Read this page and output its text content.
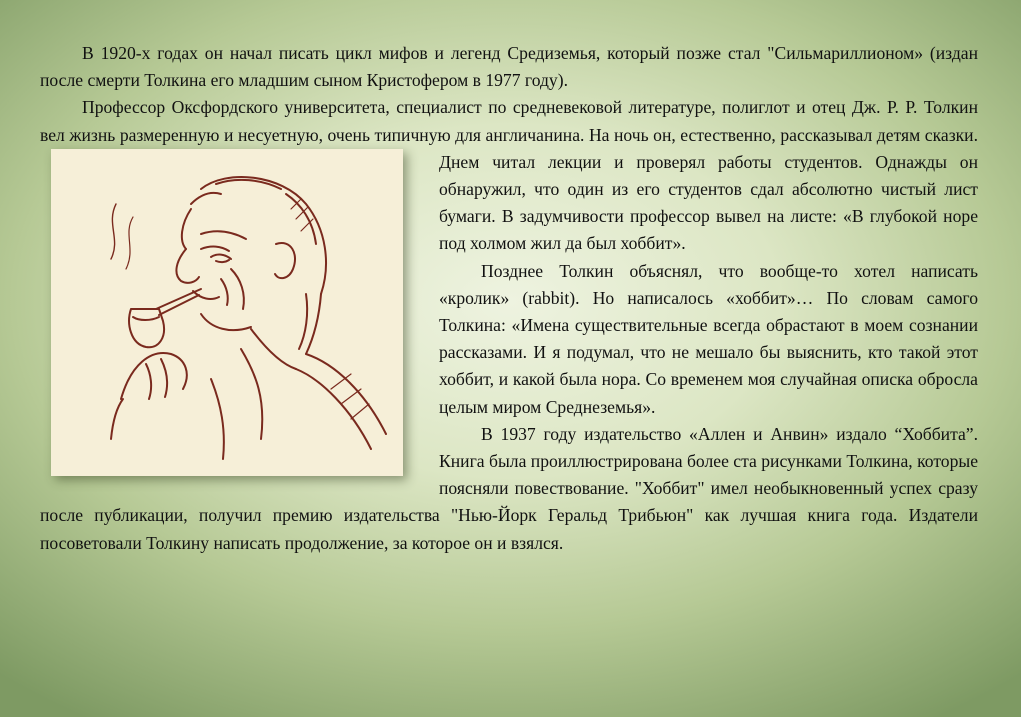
В 1920-х годах он начал писать цикл мифов и легенд Средиземья, который позже стал "Сильмариллионом» (издан после смерти Толкина его младшим сыном Кристофером в 1977 году).

Профессор Оксфордского университета, специалист по средневековой литературе, полиглот и отец Дж. Р. Р. Толкин вел жизнь размеренную и несуетную, очень типичную для англичанина. На ночь он, естественно, рассказывал детям сказки. Днем читал лекции и проверял работы студентов.
Однажды он обнаружил, что один из его студентов сдал абсолютно чистый лист бумаги. В задумчивости профессор вывел на листе: «В глубокой норе под холмом жил да был хоббит».

Позднее Толкин объяснял, что вообще-то хотел написать «кролик» (rabbit). Но написалось «хоббит»… По словам самого Толкина: «Имена существительные всегда обрастают в моем сознании рассказами. И я подумал, что не мешало бы выяснить, кто такой этот хоббит, и какой была нора. Со временем моя случайная описка обросла целым миром Среднеземья».

В 1937 году издательство «Аллен и Анвин» издало “Хоббита”. Книга была проиллюстрирована более ста рисунками Толкина, которые поясняли повествование. "Хоббит" имел необыкновенный успех сразу после публикации, получил премию издательства "Нью-Йорк Геральд Трибьюн" как лучшая книга года. Издатели посоветовали Толкину написать продолжение, за которое он и взялся.
